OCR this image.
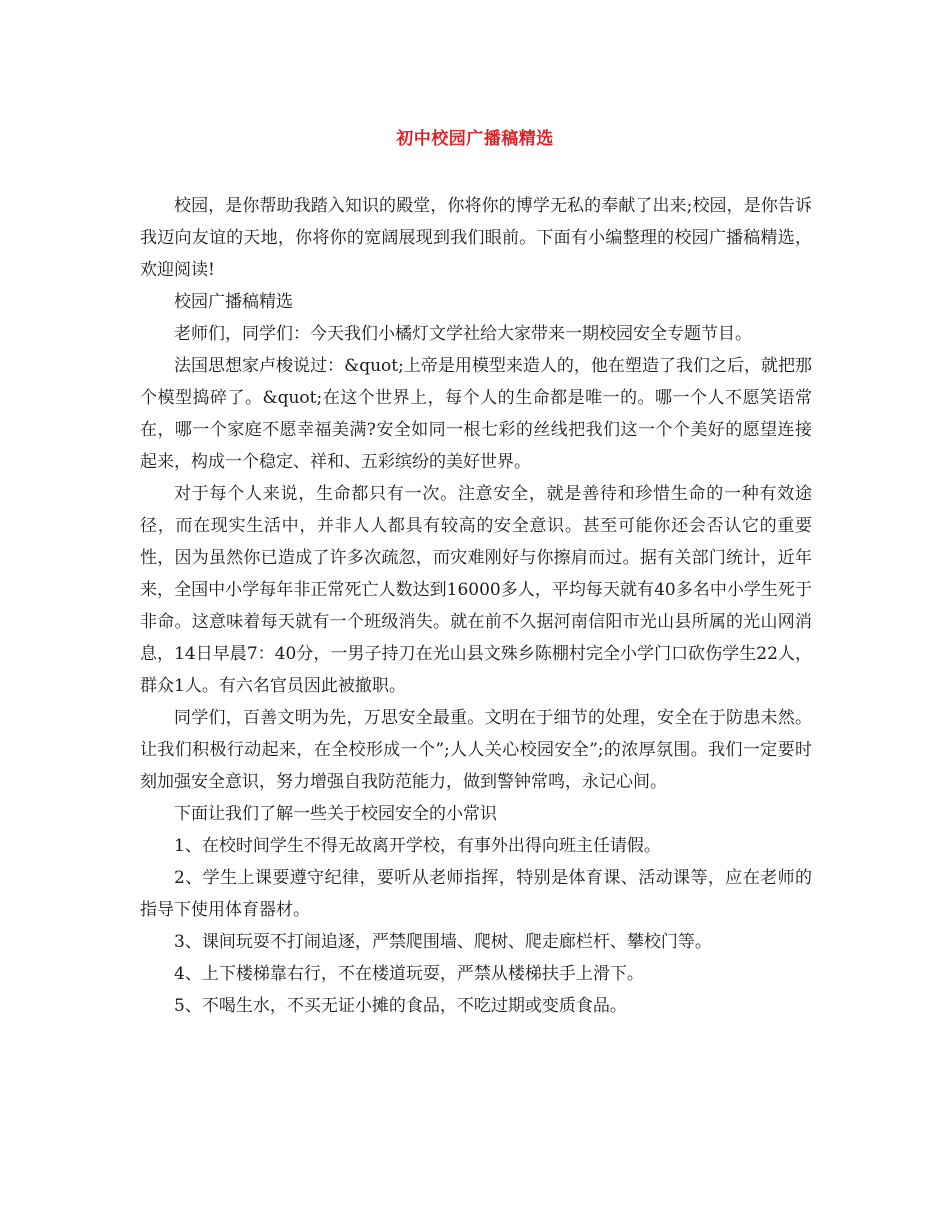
初中校园广播稿精选

校园，是你帮助我踏入知识的殿堂，你将你的博学无私的奉献了出来;校园，是你告诉我迈向友谊的天地，你将你的宽阔展现到我们眼前。下面有小编整理的校园广播稿精选，欢迎阅读!

校园广播稿精选

老师们，同学们：今天我们小橘灯文学社给大家带来一期校园安全专题节目。

法国思想家卢梭说过：&quot;上帝是用模型来造人的，他在塑造了我们之后，就把那个模型捣碎了。&quot;在这个世界上，每个人的生命都是唯一的。哪一个人不愿笑语常在，哪一个家庭不愿幸福美满?安全如同一根七彩的丝线把我们这一个个美好的愿望连接起来，构成一个稳定、祥和、五彩缤纷的美好世界。

对于每个人来说，生命都只有一次。注意安全，就是善待和珍惜生命的一种有效途径，而在现实生活中，并非人人都具有较高的安全意识。甚至可能你还会否认它的重要性，因为虽然你已造成了许多次疏忽，而灾难刚好与你擦肩而过。据有关部门统计，近年来，全国中小学每年非正常死亡人数达到16000多人，平均每天就有40多名中小学生死于非命。这意味着每天就有一个班级消失。就在前不久据河南信阳市光山县所属的光山网消息，14日早晨7：40分，一男子持刀在光山县文殊乡陈棚村完全小学门口砍伤学生22人，群众1人。有六名官员因此被撤职。

同学们，百善文明为先，万思安全最重。文明在于细节的处理，安全在于防患未然。让我们积极行动起来，在全校形成一个”;人人关心校园安全”;的浓厚氛围。我们一定要时刻加强安全意识，努力增强自我防范能力，做到警钟常鸣，永记心间。

下面让我们了解一些关于校园安全的小常识

1、在校时间学生不得无故离开学校，有事外出得向班主任请假。

2、学生上课要遵守纪律，要听从老师指挥，特别是体育课、活动课等，应在老师的指导下使用体育器材。

3、课间玩耍不打闹追逐，严禁爬围墙、爬树、爬走廊栏杆、攀校门等。

4、上下楼梯靠右行，不在楼道玩耍，严禁从楼梯扶手上滑下。

5、不喝生水，不买无证小摊的食品，不吃过期或变质食品。
